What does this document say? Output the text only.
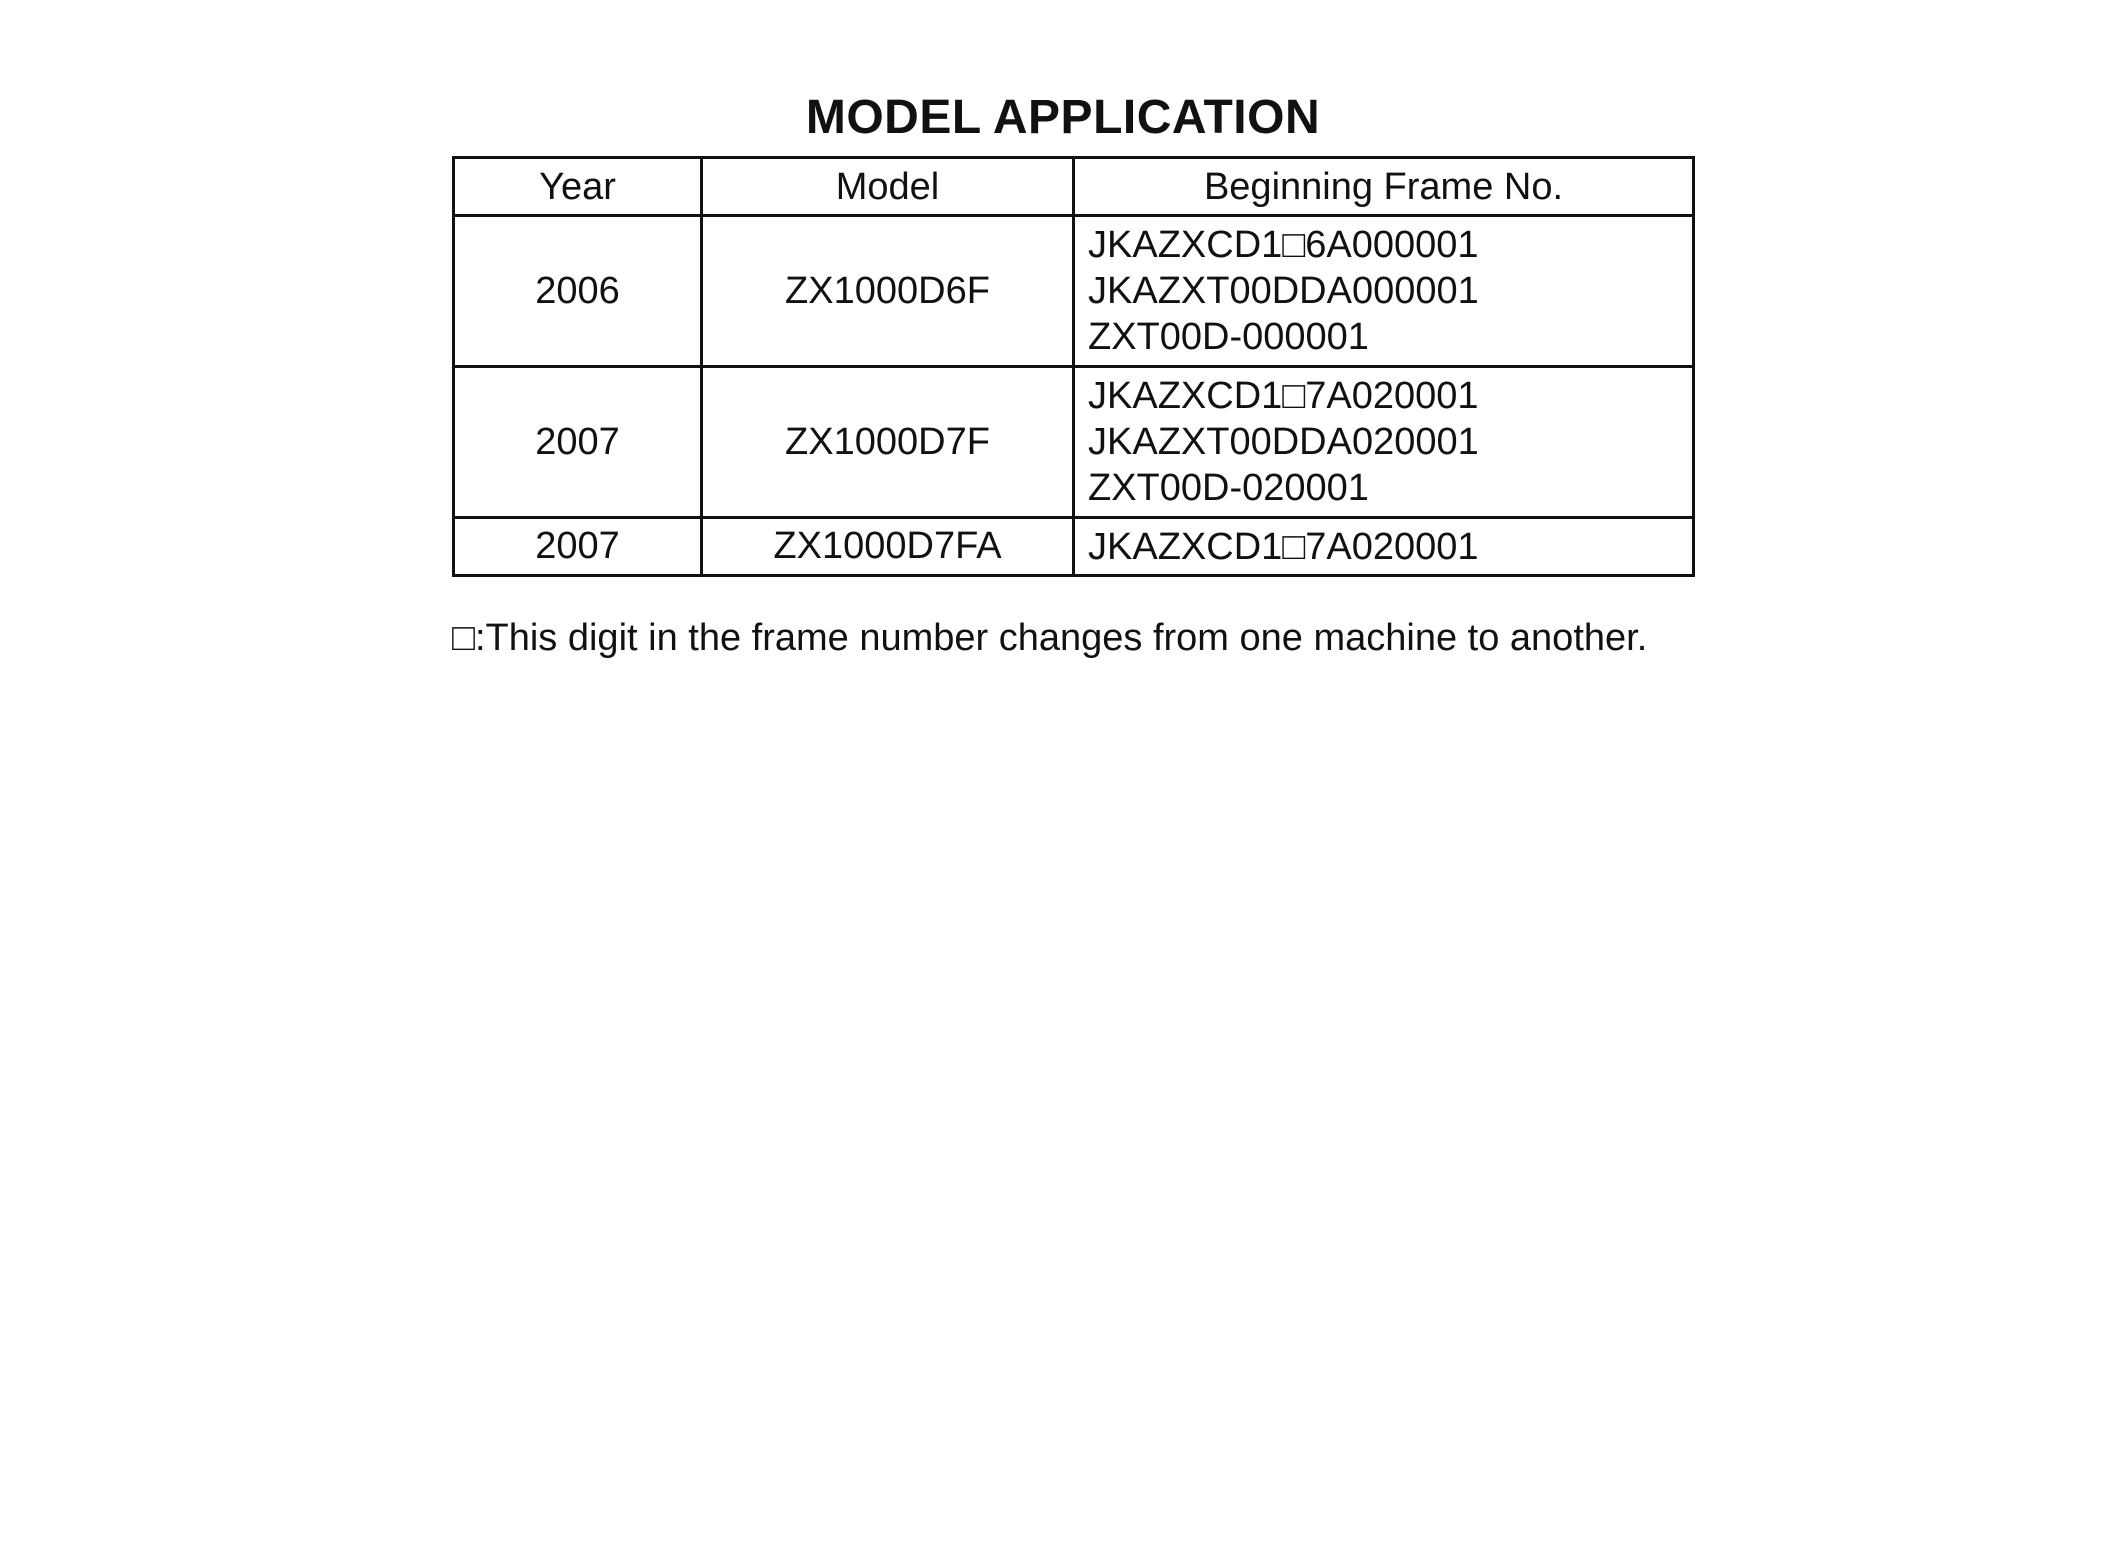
MODEL APPLICATION
Year	Model	Beginning Frame No.
2006	ZX1000D6F	JKAZXCD1□6A000001
JKAZXT00DDA000001
ZXT00D-000001

2007	ZX1000D7F	JKAZXCD1□7A020001
JKAZXT00DDA020001
ZXT00D-020001

2007	ZX1000D7FA	JKAZXCD1□7A020001
□:This digit in the frame number changes from one machine to another.
